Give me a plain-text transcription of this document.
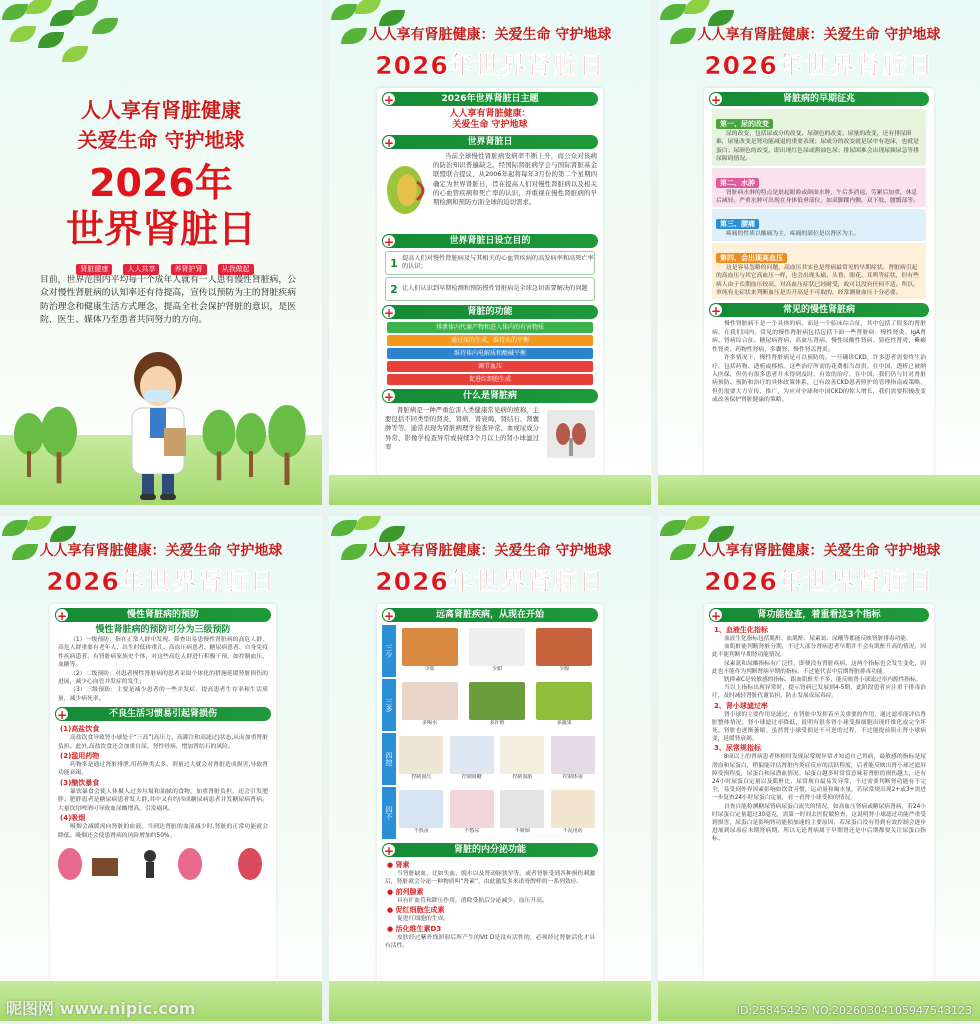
人人享有肾脏健康
关爱生命 守护地球
2026年
世界肾脏日
肾脏健康	人人共享	养肾护肾	从我做起
目前，世界范围内平均每十个成年人就有一人患有慢性肾脏病，公众对慢性肾脏病的认知率还有待提高，宣传以预防为主的肾脏疾病防治理念和健康生活方式理念，提高全社会保护肾脏的意识，是医院、医生、媒体乃至患者共同努力的方向。
人人享有肾脏健康：关爱生命 守护地球
2026年世界肾脏日
+	2026年世界肾脏日主题
人人享有肾脏健康：
关爱生命 守护地球
+	世界肾脏日
当前全球慢性肾脏病发病率不断上升，而公众对该病的防治知识普遍缺乏。经国际肾脏病学会与国际肾脏基金联盟联合提议，从2006年起将每年3月份的第二个星期四确定为世界肾脏日，旨在提高人们对慢性肾脏病以及相关的心血管疾病和死亡率的认识，并重视在慢性肾脏病的早期检测和预防方面全球的迫切需求。
+	世界肾脏日设立目的
1 提高人们对慢性肾脏病及与其相关的心血管疾病的高发病率和高死亡率的认识；
2 让人们认识到早期检测和预防慢性肾脏病是全球急切需要解决的问题
+	肾脏的功能
排泄体内代谢产物和进入体内的有害物质
通过尿的生成，维持水的平衡
维持体内电解质和酸碱平衡
调节血压
促进红细胞生成
+	什么是肾脏病
肾脏病是一种严重危害人类健康常见病的统称，主要包括不同类型的肾炎、肾病、肾衰竭、肾结石、肾囊肿等等。通常表现为肾脏病理学检查异常、血或尿成分异常、影像学检查异常或持续3个月以上的肾小球滤过率
人人享有肾脏健康：关爱生命 守护地球
2026年世界肾脏日
+	肾脏病的早期征兆
第一、尿的改变
尿的改变，包括尿或分的改变、尿颜色的改变、尿量的改变，还有排尿困难，尿量改变是肾功能减退的重要表现；尿或分的改变就是尿中有泡沫，也就是蛋白；尿颜色的改变，即出现红色尿或酱油色尿；排尿困难会出现尿频尿急等排尿障碍情况。
第二、水肿
肾脏病水肿的特点是晨起眼睑或颜面水肿，午后多消退，劳累后加重，休息后减轻。严重水肿可出现在身体低垂部位，如双脚踝内侧、双下肢、腰骶部等。
第三、腰痛
疼痛的性质以酸痛为主，疼痛的部位是以肾区为主。
第四、会出现高血压
这是容易忽略的问题，高血压其实也是肾病最常见的早期症状。肾脏病引起的高血压与其它高血压一样，也会出现头痛、头昏、眼花、耳鸣等症状，但有些病人由于长期血压较高，对高血压症状已经耐受，故可以没有任何不适。所以，单纯有无症状来判断血压是否升高是不可取的，经常测量血压十分必要。
+	常见的慢性肾脏病
慢性肾脏病不是一个具体的病，而是一个临床综合征，其中包括了很多的肾脏病，在我们国内，常见的慢性肾脏病包括包括下面一些肾脏病：慢性肾炎、IgA肾病、肾病综合征、糖尿病肾病、高血压肾病、慢性尿酸性肾病、狼疮性肾炎、紫癜性肾炎、药物性肾病、多囊肾、慢性肾盂肾炎。
许多情况下，慢性肾脏病是可以预防的。一旦确诊CKD，许多患者需要终生治疗，包括药物、透析或移植。这些治疗所需的花费相当昂贵。在中国，透析已被纳入医保，但仍有很多患者并未得到及时、有效的治疗。在中国，我们仍与针对肾脏病预防、预防和治疗的具体政策体系，已有改善CKD患者照护的管理指南或策略，但仍需要大力宣传，推广，为应对全球和中国CKD的惊人增长，我们需要积极改变或改善保护肾脏健康的策略。
人人享有肾脏健康：关爱生命 守护地球
2026年世界肾脏日
+	慢性肾脏病的预防
慢性肾脏病的预防可分为三级预防
（1）一级预防：指在正常人群中发现、筛查出易患慢性肾脏病的高危人群，高危人群重要有老年人、出生时低体重儿、高血压病患者、糖尿病患者、自身免疫性疾病患者、有肾脏病家族史个体，对这些高危人群进行积极干预，如控制血压、血糖等。
（2）二级预防：对患者慢性肾脏病的患者采取个体化的措施延缓肾脏损伤的进展，减少心血管并发症的发生；
（3）三级预防：主要是减少患者的一些并发症，提高患者生存率和生活质量，减少病死率。
+	不良生活习惯易引起肾损伤
(1)高盐饮食
高盐饮食导致肾小球处于“三高”(高压力、高灌注和高滤过)状态,从而加重肾脏负担。此外,高盐饮食还会加重自尿、肾性骨病，增加肾结石的风险。
(2)滥用药物
药物多是通过肾脏排泄,用药种类太多、剂量过大就会对肾脏造成损害,导致肾功能衰竭。
(3)酗饮暴食
暴饮暴食会使人体摄入过多垃圾和油腻的食物，加重肾脏负担，还会引发肥胖。肥胖患者是糖尿病患者发人群,其中又有约四成糖尿病患者并发糖尿病肾病。大量饮用啤酒可导致血尿酸增高，引发痛风。
(4)吸烟
吸烟会减缓流向肾脏的血液。当到达肾脏的血液减少时,肾脏的正常功能就会降低。吸烟还会使患肾病的风险增加约50%。
昵图网 www.nipic.com
人人享有肾脏健康：关爱生命 守护地球
2026年世界肾脏日
+	远离肾脏疾病，从现在开始
三少
少盐	少甜	少腥
三多
多喝水	多针植	多蔬果
四控
控制血压	控制血糖	控制血脂	控制体重
四不
不熬夜	不憋尿	不吸烟	不乱用药
+	肾脏的内分泌功能
● 肾素
当肾脏缺血，比如失血、脱水以及肾动脉狭窄等，或者肾脏受到各种损伤刺激后，肾脏就会分泌一种物质叫“肾素”，由此激发多米诺骨牌样的一系列效应。
● 前列腺素
具有扩血管和降压作用，消除受损后分泌减少，血压升高。
● 促红细胞生成素
促进红细胞的生成。
● 活化维生素D3
皮肤经过紫外线照射后所产生的Vit D是没有活性的，必须经过肾脏活化才具有活性。
人人享有肾脏健康：关爱生命 守护地球
2026年世界肾脏日
+	肾功能检查，着重看这3个指标
1、血液生化指标
血液生化指标包括肌酐、血肌酐、尿素氮、尿酸等都能反映肾脏排毒功能。
血肌酐能判断肾脏分期，不过大部分肾病患者早期并不会有肌酐升高的情况，因此不能判断早期肾功能情况。
尿素氮和尿酸指标有广泛性，即便没有肾脏疾病，这两个指标也会发生变化，因此也不能作为判断肾病早期的指标，不过能代表中后期肾脏排毒功能。
胱抑素C是较敏感的指标，跟血肌酐差不多，能反映肾小球滤过率内源性指标。
当以上指标出现异常时，提示肾病已发展到4-5期，此阶段患者应注重于排毒治疗，及时减轻肾脏代谢负担，防止发展成尿毒症。
2、肾小球滤过率
肾小球的主要作用是滤过，在肾脏中发挥着至关重要的作用，通过滤率能评估肾脏整体情况。肾小球滤过率降低，说明有很多肾小球受损细胞出现纤维化或完全坏死，肾脏也逐渐萎缩。虽然肾小球受损是不可逆的过程，不过能提前阻止肾小球病变，延缓肾衰竭。
3、尿常规指标
8成以上的肾病患者体检时发现尿常规异常才知道自己得病，最敏感的指标是尿潜血和尿蛋白，稍偏能评估肾脏内炎症反应的活跃程度，后者能反映出肾小球过滤屏障受损程度，尿蛋白和尿潜血情况。尿蛋白越多时常常意味着肾脏的损伤越大，还有24小时尿蛋白定量以及肌酐比、尿常规自最易发异常，不过需要判断肾功能有不完全，易受到外界因素影响如饮食习惯，运动量和喝水量，若尿常规出现2+或3+需进一步复查24小时尿蛋白定量，看一看肾小球受损的情况。
自查自能检测糖尿肾病尿蛋白流失的情况，如高血压肾病或糖尿病肾病，若24小时尿蛋白定量超过30毫克，需第一时间去医院做检查，这说明肾小球滤过功能严重受到损害，尿蛋白是影响肾功能损加速的主要原因，若尿蛋白没有得到有效控制会逐步进展到尿毒症末期肾病期，所以无论肾病属于早期肾还是中后期都要关注尿蛋白指标。
ID:25845425 NO:20260304105947543123
